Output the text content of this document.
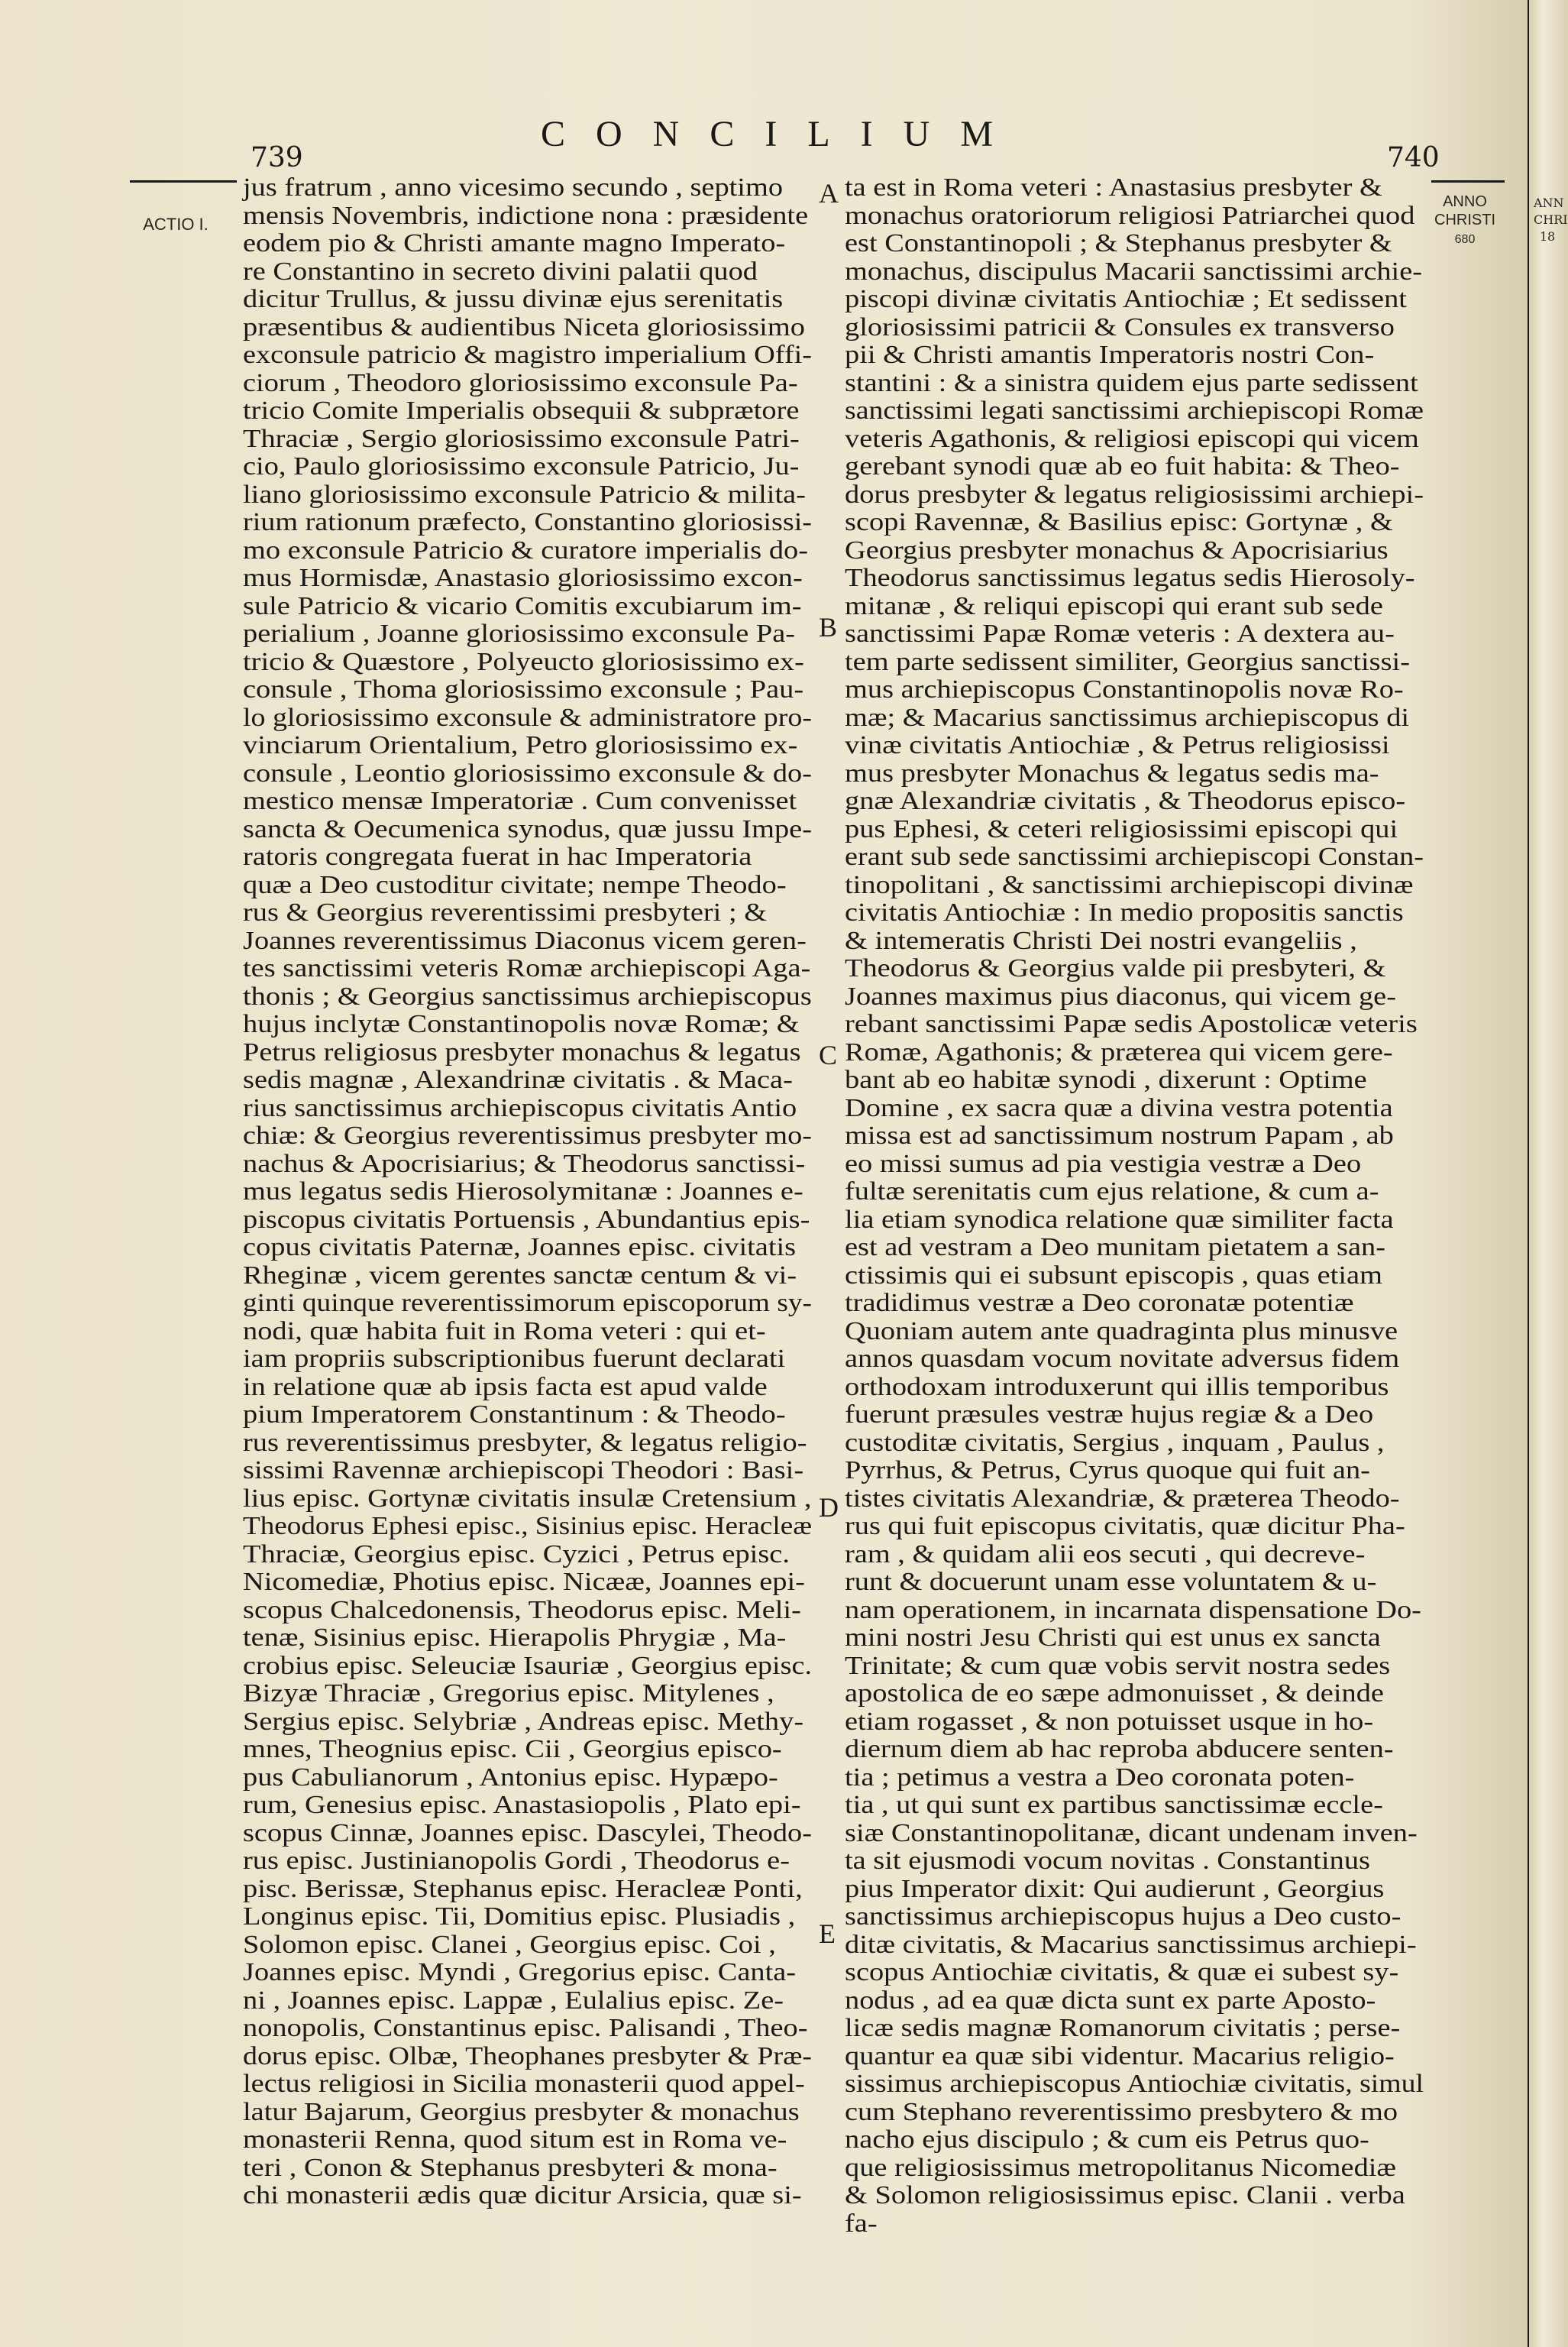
739
CONCILIUM
740
ACTIO I.
ANNO
CHRISTI
680
A
B
C
D
E
jus fratrum , anno vicesimo secundo , septimo
mensis Novembris, indictione nona : præsidente
eodem pio & Christi amante magno Imperato-
re Constantino in secreto divini palatii quod
dicitur Trullus, & jussu divinæ ejus serenitatis
præsentibus & audientibus Niceta gloriosissimo
exconsule patricio & magistro imperialium Offi-
ciorum , Theodoro gloriosissimo exconsule Pa-
tricio Comite Imperialis obsequii & subprætore
Thraciæ , Sergio gloriosissimo exconsule Patri-
cio, Paulo gloriosissimo exconsule Patricio, Ju-
liano gloriosissimo exconsule Patricio & milita-
rium rationum præfecto, Constantino gloriosissi-
mo exconsule Patricio & curatore imperialis do-
mus Hormisdæ, Anastasio gloriosissimo excon-
sule Patricio & vicario Comitis excubiarum im-
perialium , Joanne gloriosissimo exconsule Pa-
tricio & Quæstore , Polyeucto gloriosissimo ex-
consule , Thoma gloriosissimo exconsule ; Pau-
lo gloriosissimo exconsule & administratore pro-
vinciarum Orientalium, Petro gloriosissimo ex-
consule , Leontio gloriosissimo exconsule & do-
mestico mensæ Imperatoriæ . Cum convenisset
sancta & Oecumenica synodus, quæ jussu Impe-
ratoris congregata fuerat in hac Imperatoria
quæ a Deo custoditur civitate; nempe Theodo-
rus & Georgius reverentissimi presbyteri ; &
Joannes reverentissimus Diaconus vicem geren-
tes sanctissimi veteris Romæ archiepiscopi Aga-
thonis ; & Georgius sanctissimus archiepiscopus
hujus inclytæ Constantinopolis novæ Romæ; &
Petrus religiosus presbyter monachus & legatus
sedis magnæ , Alexandrinæ civitatis . & Maca-
rius sanctissimus archiepiscopus civitatis Antio
chiæ: & Georgius reverentissimus presbyter mo-
nachus & Apocrisiarius; & Theodorus sanctissi-
mus legatus sedis Hierosolymitanæ : Joannes e-
piscopus civitatis Portuensis , Abundantius epis-
copus civitatis Paternæ, Joannes episc. civitatis
Rheginæ , vicem gerentes sanctæ centum & vi-
ginti quinque reverentissimorum episcoporum sy-
nodi, quæ habita fuit in Roma veteri : qui et-
iam propriis subscriptionibus fuerunt declarati
in relatione quæ ab ipsis facta est apud valde
pium Imperatorem Constantinum : & Theodo-
rus reverentissimus presbyter, & legatus religio-
sissimi Ravennæ archiepiscopi Theodori : Basi-
lius episc. Gortynæ civitatis insulæ Cretensium ,
Theodorus Ephesi episc., Sisinius episc. Heracleæ
Thraciæ, Georgius episc. Cyzici , Petrus episc.
Nicomediæ, Photius episc. Nicææ, Joannes epi-
scopus Chalcedonensis, Theodorus episc. Meli-
tenæ, Sisinius episc. Hierapolis Phrygiæ , Ma-
crobius episc. Seleuciæ Isauriæ , Georgius episc.
Bizyæ Thraciæ , Gregorius episc. Mitylenes ,
Sergius episc. Selybriæ , Andreas episc. Methy-
mnes, Theognius episc. Cii , Georgius episco-
pus Cabulianorum , Antonius episc. Hypæpo-
rum, Genesius episc. Anastasiopolis , Plato epi-
scopus Cinnæ, Joannes episc. Dascylei, Theodo-
rus episc. Justinianopolis Gordi , Theodorus e-
pisc. Berissæ, Stephanus episc. Heracleæ Ponti,
Longinus episc. Tii, Domitius episc. Plusiadis ,
Solomon episc. Clanei , Georgius episc. Coi ,
Joannes episc. Myndi , Gregorius episc. Canta-
ni , Joannes episc. Lappæ , Eulalius episc. Ze-
nonopolis, Constantinus episc. Palisandi , Theo-
dorus episc. Olbæ, Theophanes presbyter & Præ-
lectus religiosi in Sicilia monasterii quod appel-
latur Bajarum, Georgius presbyter & monachus
monasterii Renna, quod situm est in Roma ve-
teri , Conon & Stephanus presbyteri & mona-
chi monasterii ædis quæ dicitur Arsicia, quæ si-
ta est in Roma veteri : Anastasius presbyter &
monachus oratoriorum religiosi Patriarchei quod
est Constantinopoli ; & Stephanus presbyter &
monachus, discipulus Macarii sanctissimi archie-
piscopi divinæ civitatis Antiochiæ ; Et sedissent
gloriosissimi patricii & Consules ex transverso
pii & Christi amantis Imperatoris nostri Con-
stantini : & a sinistra quidem ejus parte sedissent
sanctissimi legati sanctissimi archiepiscopi Romæ
veteris Agathonis, & religiosi episcopi qui vicem
gerebant synodi quæ ab eo fuit habita: & Theo-
dorus presbyter & legatus religiosissimi archiepi-
scopi Ravennæ, & Basilius episc: Gortynæ , &
Georgius presbyter monachus & Apocrisiarius
Theodorus sanctissimus legatus sedis Hierosoly-
mitanæ , & reliqui episcopi qui erant sub sede
sanctissimi Papæ Romæ veteris : A dextera au-
tem parte sedissent similiter, Georgius sanctissi-
mus archiepiscopus Constantinopolis novæ Ro-
mæ; & Macarius sanctissimus archiepiscopus di
vinæ civitatis Antiochiæ , & Petrus religiosissi
mus presbyter Monachus & legatus sedis ma-
gnæ Alexandriæ civitatis , & Theodorus episco-
pus Ephesi, & ceteri religiosissimi episcopi qui
erant sub sede sanctissimi archiepiscopi Constan-
tinopolitani , & sanctissimi archiepiscopi divinæ
civitatis Antiochiæ : In medio propositis sanctis
& intemeratis Christi Dei nostri evangeliis ,
Theodorus & Georgius valde pii presbyteri, &
Joannes maximus pius diaconus, qui vicem ge-
rebant sanctissimi Papæ sedis Apostolicæ veteris
Romæ, Agathonis; & præterea qui vicem gere-
bant ab eo habitæ synodi , dixerunt : Optime
Domine , ex sacra quæ a divina vestra potentia
missa est ad sanctissimum nostrum Papam , ab
eo missi sumus ad pia vestigia vestræ a Deo
fultæ serenitatis cum ejus relatione, & cum a-
lia etiam synodica relatione quæ similiter facta
est ad vestram a Deo munitam pietatem a san-
ctissimis qui ei subsunt episcopis , quas etiam
tradidimus vestræ a Deo coronatæ potentiæ
Quoniam autem ante quadraginta plus minusve
annos quasdam vocum novitate adversus fidem
orthodoxam introduxerunt qui illis temporibus
fuerunt præsules vestræ hujus regiæ & a Deo
custoditæ civitatis, Sergius , inquam , Paulus ,
Pyrrhus, & Petrus, Cyrus quoque qui fuit an-
tistes civitatis Alexandriæ, & præterea Theodo-
rus qui fuit episcopus civitatis, quæ dicitur Pha-
ram , & quidam alii eos secuti , qui decreve-
runt & docuerunt unam esse voluntatem & u-
nam operationem, in incarnata dispensatione Do-
mini nostri Jesu Christi qui est unus ex sancta
Trinitate; & cum quæ vobis servit nostra sedes
apostolica de eo sæpe admonuisset , & deinde
etiam rogasset , & non potuisset usque in ho-
diernum diem ab hac reproba abducere senten-
tia ; petimus a vestra a Deo coronata poten-
tia , ut qui sunt ex partibus sanctissimæ eccle-
siæ Constantinopolitanæ, dicant undenam inven-
ta sit ejusmodi vocum novitas . Constantinus
pius Imperator dixit: Qui audierunt , Georgius
sanctissimus archiepiscopus hujus a Deo custo-
ditæ civitatis, & Macarius sanctissimus archiepi-
scopus Antiochiæ civitatis, & quæ ei subest sy-
nodus , ad ea quæ dicta sunt ex parte Aposto-
licæ sedis magnæ Romanorum civitatis ; perse-
quantur ea quæ sibi videntur. Macarius religio-
sissimus archiepiscopus Antiochiæ civitatis, simul
cum Stephano reverentissimo presbytero & mo
nacho ejus discipulo ; & cum eis Petrus quo-
que religiosissimus metropolitanus Nicomediæ
& Solomon religiosissimus episc. Clanii . verba
fa-
ANN
CHRI
18
